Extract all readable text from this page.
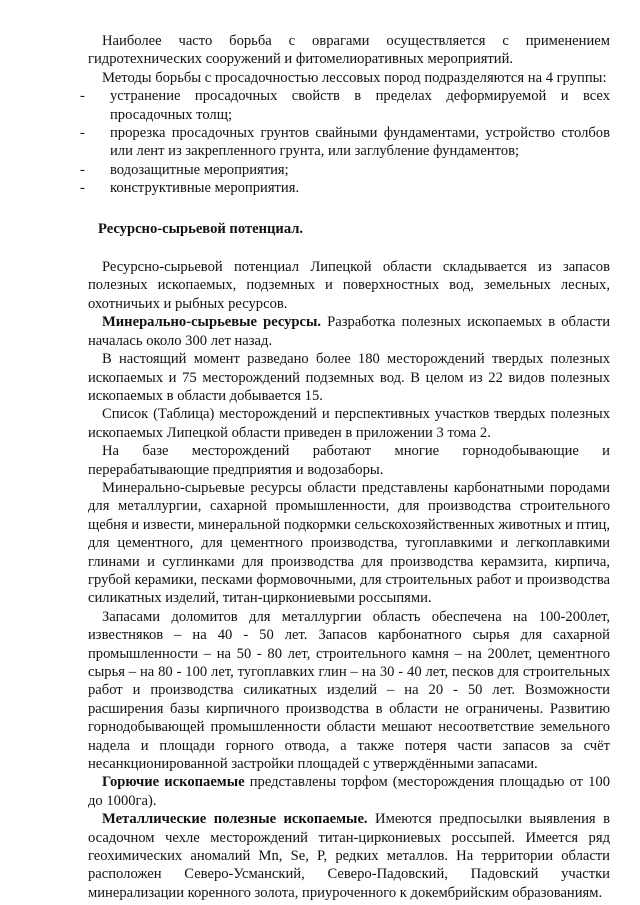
Наиболее часто борьба с оврагами осуществляется с применением гидротехнических сооружений и фитомелиоративных мероприятий.

Методы борьбы с просадочностью лессовых пород подразделяются на 4 группы:

- устранение просадочных свойств в пределах деформируемой и всех просадочных толщ;
- прорезка просадочных грунтов свайными фундаментами, устройство столбов или лент из закрепленного грунта, или заглубление фундаментов;
- водозащитные мероприятия;
- конструктивные мероприятия.

Ресурсно-сырьевой потенциал.

Ресурсно-сырьевой потенциал Липецкой области складывается из запасов полезных ископаемых, подземных и поверхностных вод, земельных лесных, охотничьих и рыбных ресурсов.

Минерально-сырьевые ресурсы. Разработка полезных ископаемых в области началась около 300 лет назад.

В настоящий момент разведано более 180 месторождений твердых полезных ископаемых и 75 месторождений подземных вод. В целом из 22 видов полезных ископаемых в области добывается 15.

Список (Таблица) месторождений и перспективных участков твердых полезных ископаемых Липецкой области приведен в приложении 3 тома 2.

На базе месторождений работают многие горнодобывающие и перерабатывающие предприятия и водозаборы.

Минерально-сырьевые ресурсы области представлены карбонатными породами для металлургии, сахарной промышленности, для производства строительного щебня и извести, минеральной подкормки сельскохозяйственных животных и птиц, для цементного, для цементного производства, тугоплавкими и легкоплавкими глинами и суглинками для производства для производства керамзита, кирпича, грубой керамики, песками формовочными, для строительных работ и производства силикатных изделий, титан-циркониевыми россыпями.

Запасами доломитов для металлургии область обеспечена на 100-200лет, известняков – на 40 - 50 лет. Запасов карбонатного сырья для сахарной промышленности – на 50 - 80 лет, строительного камня – на 200лет, цементного сырья – на 80 - 100 лет, тугоплавких глин – на 30 - 40 лет, песков для строительных работ и производства силикатных изделий – на 20 - 50 лет. Возможности расширения базы кирпичного производства в области не ограничены. Развитию горнодобывающей промышленности области мешают несоответствие земельного надела и площади горного отвода, а также потеря части запасов за счёт несанкционированной застройки площадей с утверждёнными запасами.

Горючие ископаемые представлены торфом (месторождения площадью от 100 до 1000га).

Металлические полезные ископаемые. Имеются предпосылки выявления в осадочном чехле месторождений титан-циркониевых россыпей. Имеется ряд геохимических аномалий Mn, Se, P, редких металлов. На территории области расположен Северо-Усманский, Северо-Падовский, Падовский участки минерализации коренного золота, приуроченного к докембрийским образованиям.
